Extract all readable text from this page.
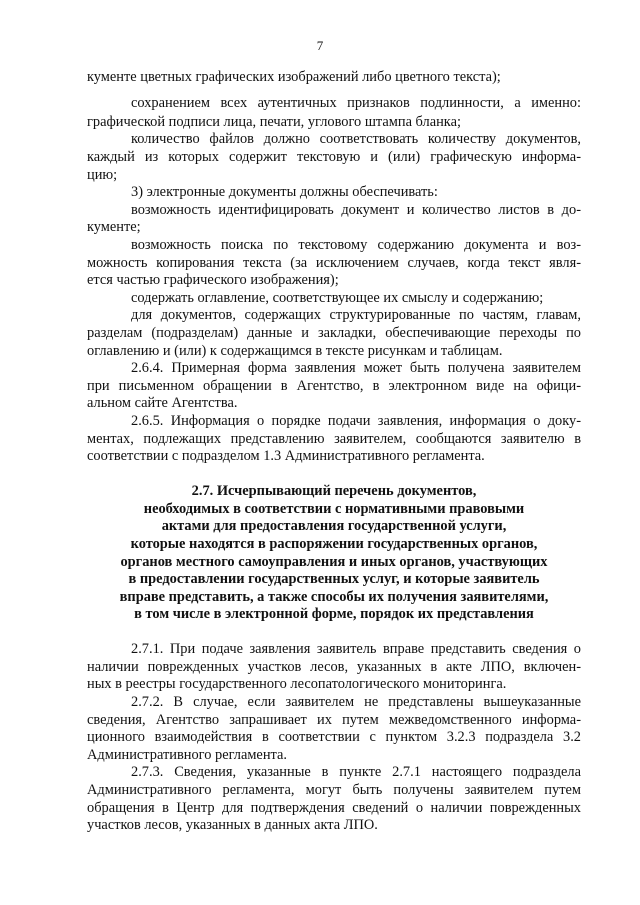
7
кументе цветных графических изображений либо цветного текста);
сохранением всех аутентичных признаков подлинности, а именно:
графической подписи лица, печати, углового штампа бланка;
количество файлов должно соответствовать количеству документов,
каждый из которых содержит текстовую и (или) графическую информа-
цию;
3) электронные документы должны обеспечивать:
возможность идентифицировать документ и количество листов в до-
кументе;
возможность поиска по текстовому содержанию документа и воз-
можность копирования текста (за исключением случаев, когда текст явля-
ется частью графического изображения);
содержать оглавление, соответствующее их смыслу и содержанию;
для документов, содержащих структурированные по частям, главам,
разделам (подразделам) данные и закладки, обеспечивающие переходы по
оглавлению и (или) к содержащимся в тексте рисункам и таблицам.
2.6.4. Примерная форма заявления может быть получена заявителем
при письменном обращении в Агентство, в электронном виде на офици-
альном сайте Агентства.
2.6.5. Информация о порядке подачи заявления, информация о доку-
ментах, подлежащих представлению заявителем, сообщаются заявителю в
соответствии с подразделом 1.3 Административного регламента.
2.7. Исчерпывающий перечень документов,
необходимых в соответствии с нормативными правовыми
актами для предоставления государственной услуги,
которые находятся в распоряжении государственных органов,
органов местного самоуправления и иных органов, участвующих
в предоставлении государственных услуг, и которые заявитель
вправе представить, а также способы их получения заявителями,
в том числе в электронной форме, порядок их представления
2.7.1. При подаче заявления заявитель вправе представить сведения о
наличии поврежденных участков лесов, указанных в акте ЛПО, включен-
ных в реестры государственного лесопатологического мониторинга.
2.7.2. В случае, если заявителем не представлены вышеуказанные
сведения, Агентство запрашивает их путем межведомственного информа-
ционного взаимодействия в соответствии с пунктом 3.2.3 подраздела 3.2
Административного регламента.
2.7.3. Сведения, указанные в пункте 2.7.1 настоящего подраздела
Административного регламента, могут быть получены заявителем путем
обращения в Центр для подтверждения сведений о наличии поврежденных
участков лесов, указанных в данных акта ЛПО.
